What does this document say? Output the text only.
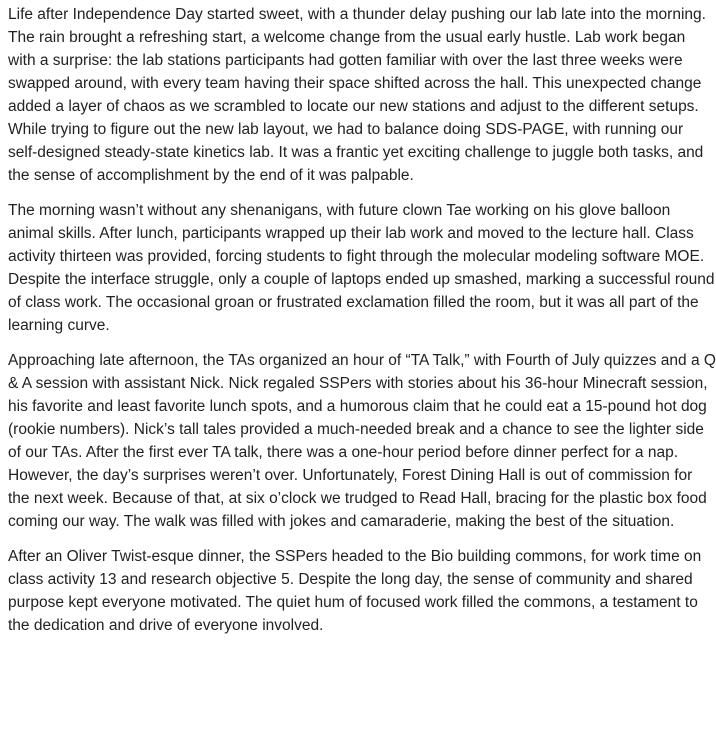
Life after Independence Day started sweet, with a thunder delay pushing our lab late into the morning. The rain brought a refreshing start, a welcome change from the usual early hustle. Lab work began with a surprise: the lab stations participants had gotten familiar with over the last three weeks were swapped around, with every team having their space shifted across the hall. This unexpected change added a layer of chaos as we scrambled to locate our new stations and adjust to the different setups. While trying to figure out the new lab layout, we had to balance doing SDS-PAGE, with running our self-designed steady-state kinetics lab. It was a frantic yet exciting challenge to juggle both tasks, and the sense of accomplishment by the end of it was palpable.

The morning wasn’t without any shenanigans, with future clown Tae working on his glove balloon animal skills. After lunch, participants wrapped up their lab work and moved to the lecture hall. Class activity thirteen was provided, forcing students to fight through the molecular modeling software MOE. Despite the interface struggle, only a couple of laptops ended up smashed, marking a successful round of class work. The occasional groan or frustrated exclamation filled the room, but it was all part of the learning curve.

Approaching late afternoon, the TAs organized an hour of “TA Talk,” with Fourth of July quizzes and a Q & A session with assistant Nick. Nick regaled SSPers with stories about his 36-hour Minecraft session, his favorite and least favorite lunch spots, and a humorous claim that he could eat a 15-pound hot dog (rookie numbers). Nick’s tall tales provided a much-needed break and a chance to see the lighter side of our TAs. After the first ever TA talk, there was a one-hour period before dinner perfect for a nap. However, the day’s surprises weren’t over. Unfortunately, Forest Dining Hall is out of commission for the next week. Because of that, at six o’clock we trudged to Read Hall, bracing for the plastic box food coming our way. The walk was filled with jokes and camaraderie, making the best of the situation.

After an Oliver Twist-esque dinner, the SSPers headed to the Bio building commons, for work time on class activity 13 and research objective 5. Despite the long day, the sense of community and shared purpose kept everyone motivated. The quiet hum of focused work filled the commons, a testament to the dedication and drive of everyone involved.
